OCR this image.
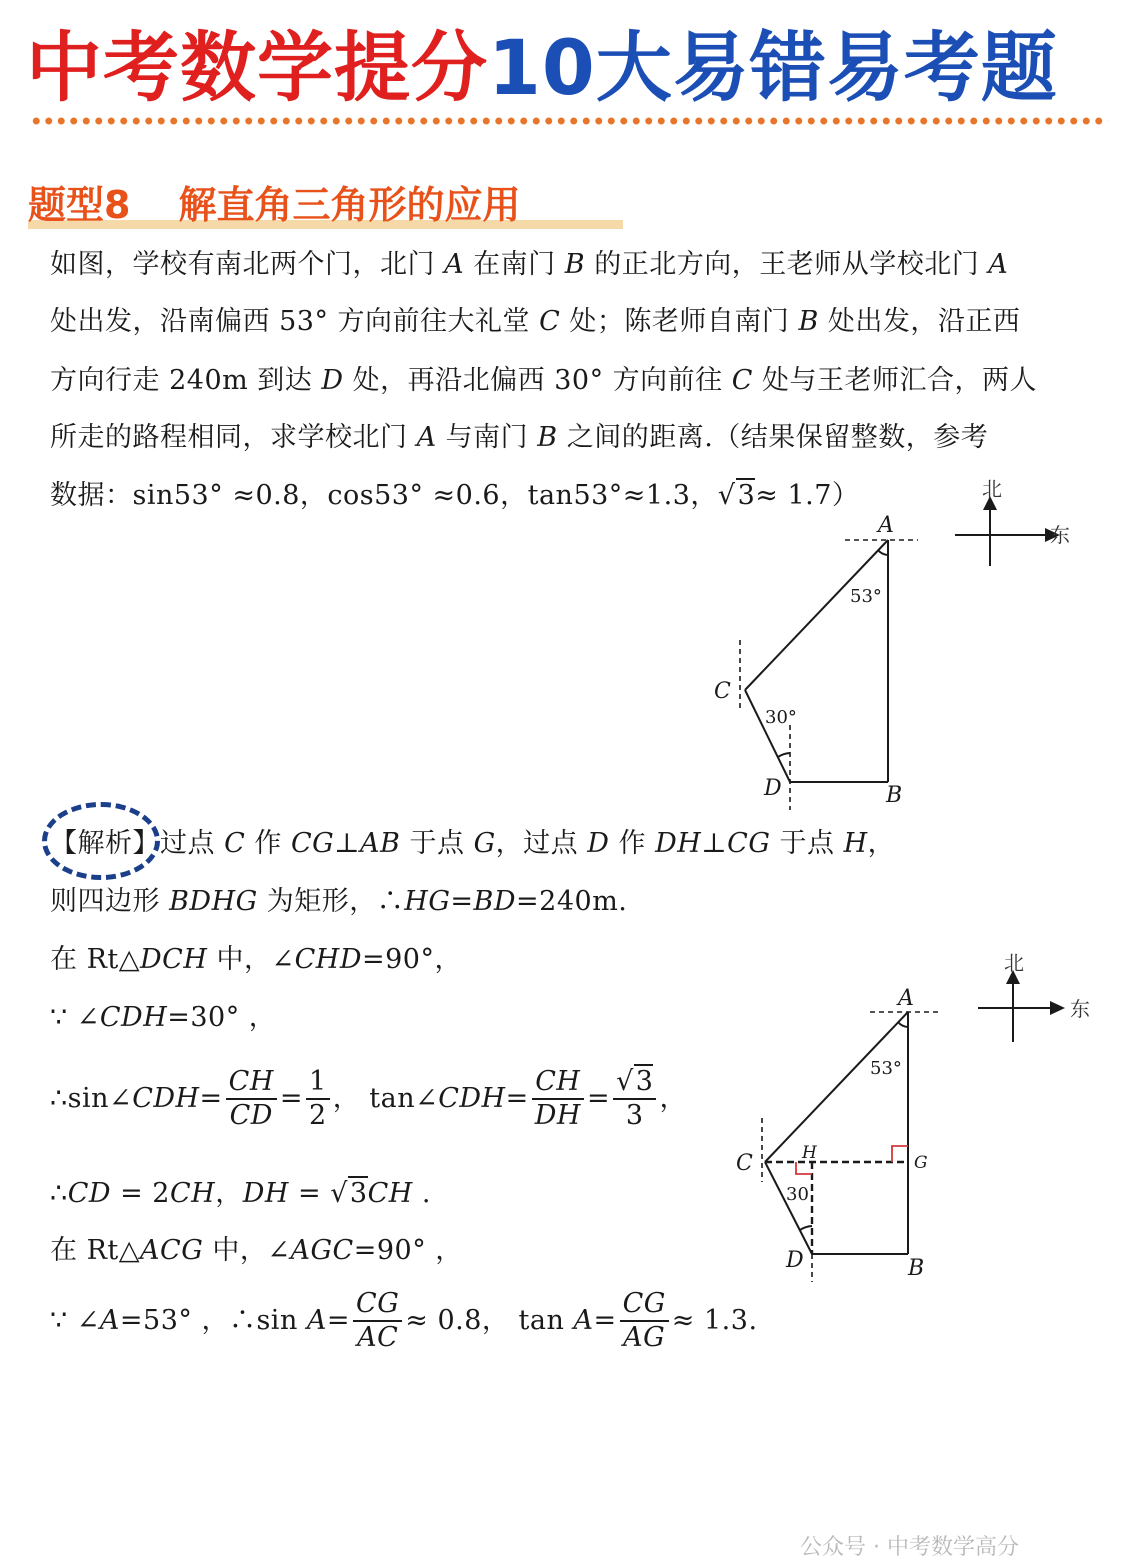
中考数学提分10大易错易考题
题型8 解直角三角形的应用
如图，学校有南北两个门，北门 A 在南门 B 的正北方向，王老师从学校北门 A
处出发，沿南偏西 53° 方向前往大礼堂 C 处；陈老师自南门 B 处出发，沿正西
方向行走 240m 到达 D 处，再沿北偏西 30° 方向前往 C 处与王老师汇合，两人
所走的路程相同，求学校北门 A 与南门 B 之间的距离.（结果保留整数，参考
数据：sin53° ≈0.8，cos53° ≈0.6，tan53°≈1.3，√3≈ 1.7）
A
B
C
D
53°
30°
北
东
【解析】过点 C 作 CG⊥AB 于点 G，过点 D 作 DH⊥CG 于点 H，
则四边形 BDHG 为矩形，∴HG=BD=240m.
在 Rt△DCH 中，∠CHD=90°，
∵ ∠CDH=30° ，
∴sin∠CDH= $\frac{CH}{CD} = \frac{1}{2}$ ， tan∠CDH= $\frac{CH}{DH} = \frac{√3}{3}$ ，
∴CD = 2CH，DH = √3CH .
在 Rt△ACG 中，∠AGC=90° ，
∵ ∠A=53° ，∴sin $A= \frac{CG}{AC} \approx 0.8$， $\tan A= \frac{CG}{AG} \approx 1.3$.
A
B
C
D
G
H
53°
30
北
东
公众号 · 中考数学高分
